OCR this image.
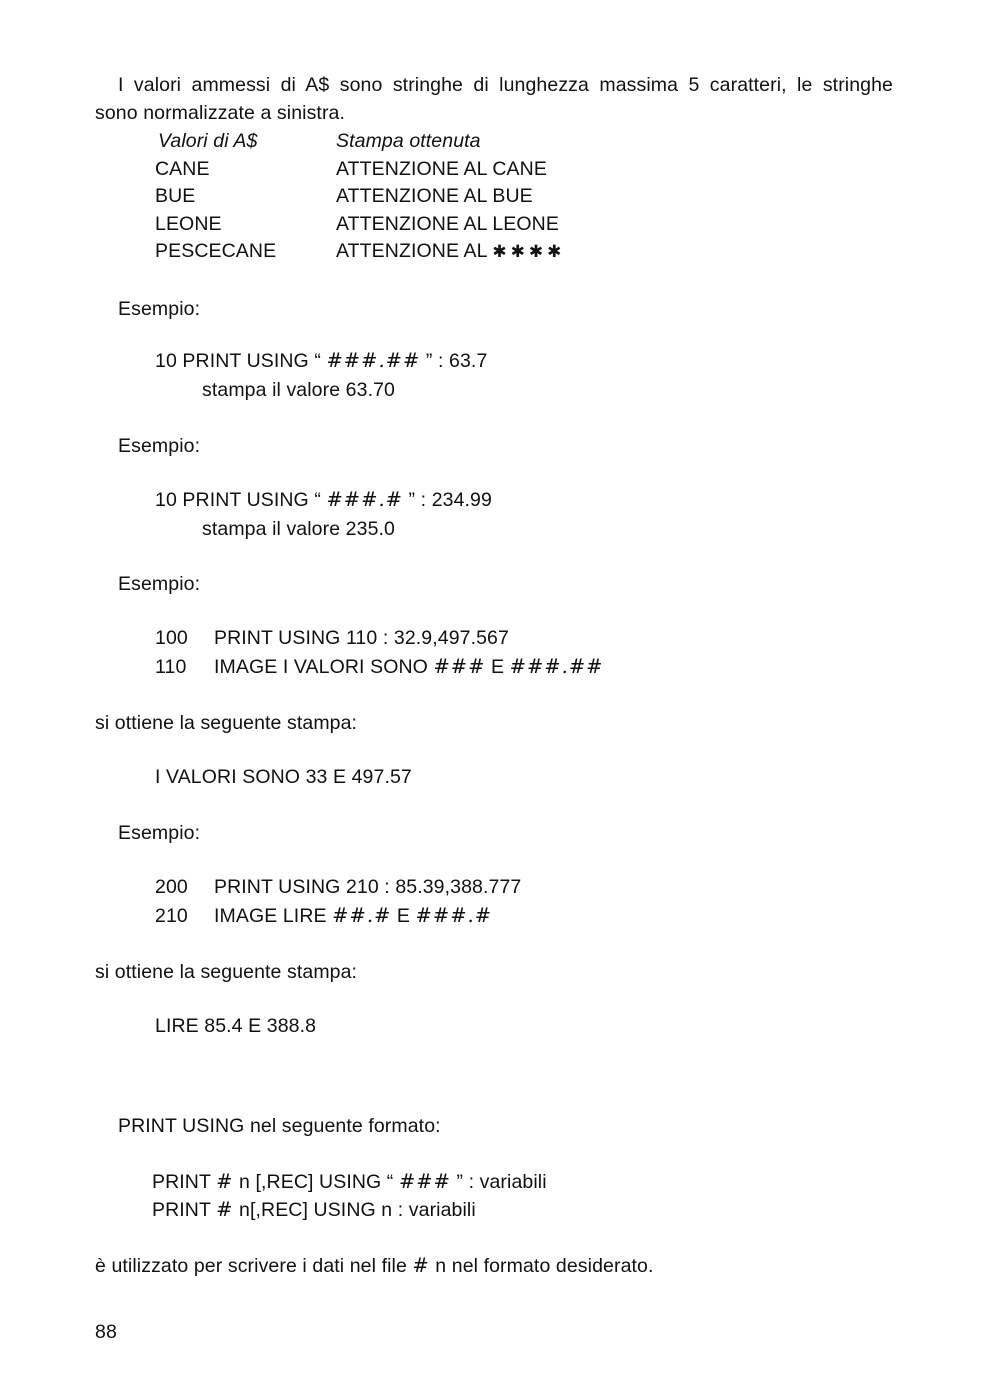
I valori ammessi di A$ sono stringhe di lunghezza massima 5 caratteri, le stringhe
sono normalizzate a sinistra.
Valori di A$	Stampa ottenuta
CANE	ATTENZIONE AL CANE
BUE	ATTENZIONE AL BUE
LEONE	ATTENZIONE AL LEONE
PESCECANE	ATTENZIONE AL ✱✱✱✱
Esempio:
10 PRINT USING “ ###.## ” : 63.7
stampa il valore 63.70
Esempio:
10 PRINT USING “ ###.# ” : 234.99
stampa il valore 235.0
Esempio:
100 PRINT USING 110 : 32.9,497.567
110 IMAGE I VALORI SONO ### E ###.##
si ottiene la seguente stampa:
I VALORI SONO 33 E 497.57
Esempio:
200 PRINT USING 210 : 85.39,388.777
210 IMAGE LIRE ##.# E ###.#
si ottiene la seguente stampa:
LIRE 85.4 E 388.8
PRINT USING nel seguente formato:
PRINT # n [,REC] USING “ ### ” : variabili
PRINT # n[,REC] USING n : variabili
è utilizzato per scrivere i dati nel file # n nel formato desiderato.
88
